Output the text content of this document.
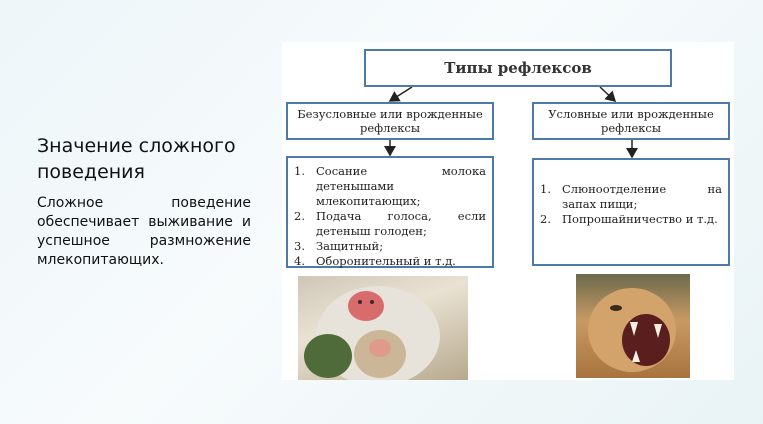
Значение сложного поведения
Сложное поведение обеспечивает выживание и успешное размножение млекопитающих.
Типы рефлексов
Безусловные или врожденные рефлексы
Условные или врожденные рефлексы
1. Сосание молока детенышами млекопитающих;
2. Подача голоса, если детеныш голоден;
3. Защитный;
4. Оборонительный и т.д.
1. Слюноотделение на запах пищи;
2. Попрошайничество и т.д.
